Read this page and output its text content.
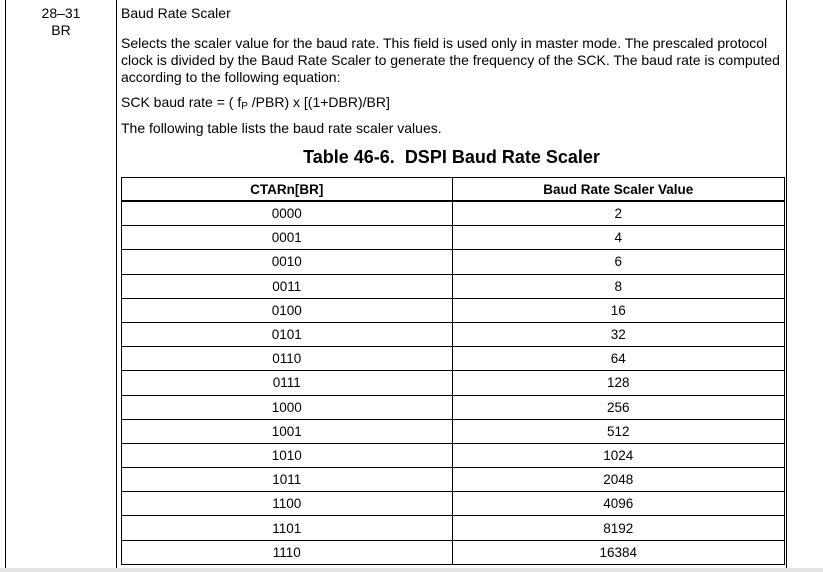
28–31
BR

Baud Rate Scaler

Selects the scaler value for the baud rate. This field is used only in master mode. The prescaled protocol clock is divided by the Baud Rate Scaler to generate the frequency of the SCK. The baud rate is computed according to the following equation:

SCK baud rate = ( $f_P$ /PBR) x [(1+DBR)/BR]

The following table lists the baud rate scaler values.

Table 46-6. DSPI Baud Rate Scaler
CTARn[BR]	Baud Rate Scaler Value
0000	2
0001	4
0010	6
0011	8
0100	16
0101	32
0110	64
0111	128
1000	256
1001	512
1010	1024
1011	2048
1100	4096
1101	8192
1110	16384
